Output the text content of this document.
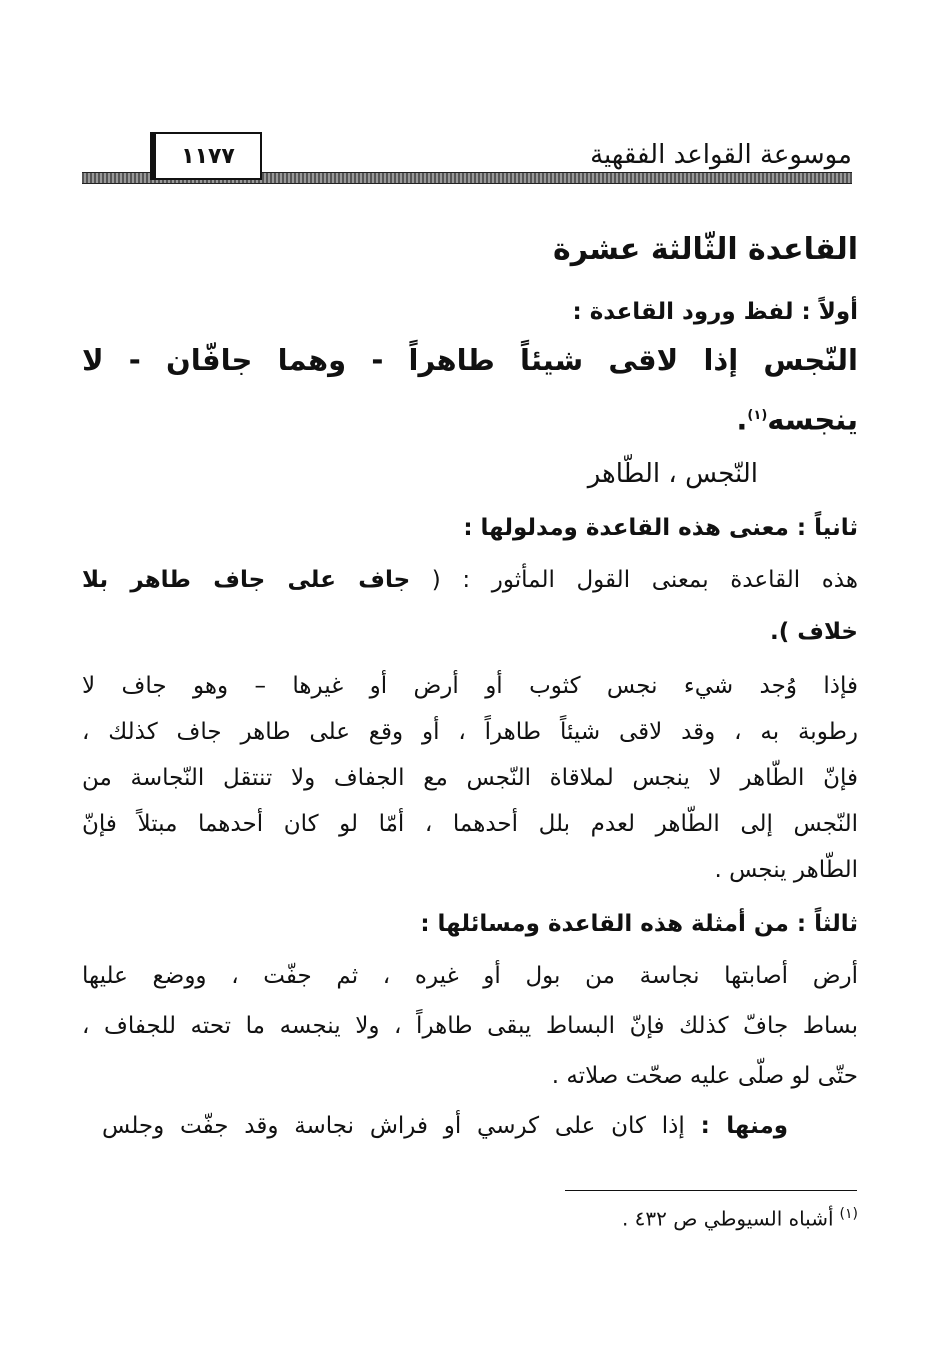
موسوعة القواعد الفقهية
١١٧٧
القاعدة الثّالثة عشرة
أولاً : لفظ ورود القاعدة :
النّجس إذا لاقى شيئاً طاهراً - وهما جافّان - لا
ينجسه$^{(١)}$.
النّجس ، الطّاهر
ثانياً : معنى هذه القاعدة ومدلولها :
هذه القاعدة بمعنى القول المأثور : ( جاف على جاف طاهر بلا
خلاف ).
فإذا وُجد شيء نجس كثوب أو أرض أو غيرها – وهو جاف لا
رطوبة به ، وقد لاقى شيئاً طاهراً ، أو وقع على طاهر جاف كذلك ،
فإنّ الطّاهر لا ينجس لملاقاة النّجس مع الجفاف ولا تنتقل النّجاسة من
النّجس إلى الطّاهر لعدم بلل أحدهما ، أمّا لو كان أحدهما مبتلاً فإنّ
الطّاهر ينجس .
ثالثاً : من أمثلة هذه القاعدة ومسائلها :
أرض أصابتها نجاسة من بول أو غيره ، ثم جفّت ، ووضع عليها
بساط جافّ كذلك فإنّ البساط يبقى طاهراً ، ولا ينجسه ما تحته للجفاف ،
حتّى لو صلّى عليه صحّت صلاته .
ومنها : إذا كان على كرسي أو فراش نجاسة وقد جفّت وجلس
$^{(١)}$أشباه السيوطي ص ٤٣٢ .
